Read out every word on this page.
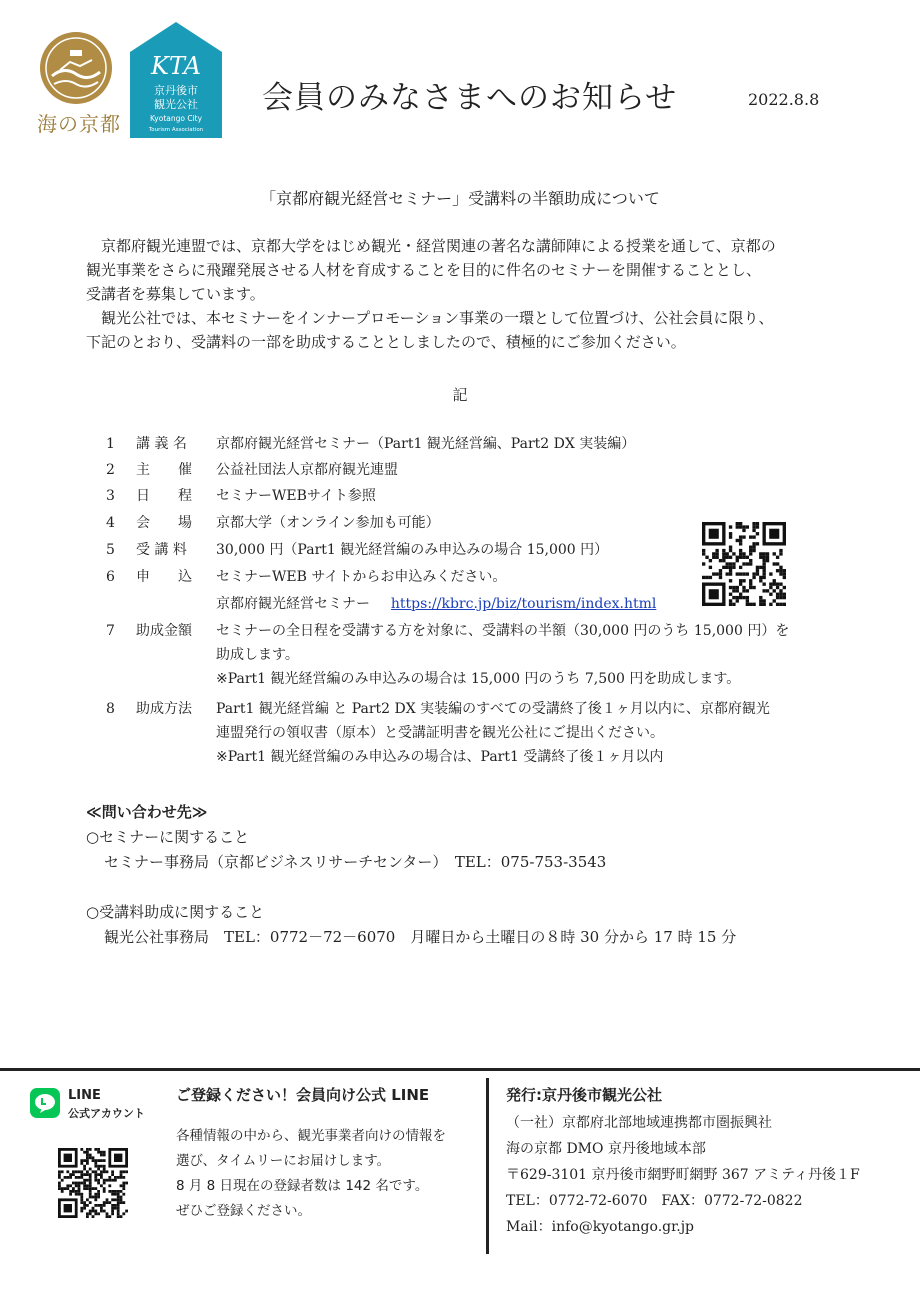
海の京都
KTA
京丹後市
観光公社
Kyotango City
Tourism Association
会員のみなさまへのお知らせ	2022.8.8
「京都府観光経営セミナー」受講料の半額助成について
京都府観光連盟では、京都大学をはじめ観光・経営関連の著名な講師陣による授業を通して、京都の
観光事業をさらに飛躍発展させる人材を育成することを目的に件名のセミナーを開催することとし、
受講者を募集しています。
観光公社では、本セミナーをインナープロモーション事業の一環として位置づけ、公社会員に限り、
下記のとおり、受講料の一部を助成することとしましたので、積極的にご参加ください。
記
1	講 義 名	京都府観光経営セミナー（Part1 観光経営編、Part2 DX 実装編）
2	主　　催	公益社団法人京都府観光連盟
3	日　　程	セミナーWEBサイト参照
4	会　　場	京都大学（オンライン参加も可能）
5	受 講 料	30,000 円（Part1 観光経営編のみ申込みの場合 15,000 円）
6	申　　込	セミナーWEB サイトからお申込みください。
京都府観光経営セミナー https://kbrc.jp/biz/tourism/index.html
7	助成金額	セミナーの全日程を受講する方を対象に、受講料の半額（30,000 円のうち 15,000 円）を
助成します。
※Part1 観光経営編のみ申込みの場合は 15,000 円のうち 7,500 円を助成します。
8	助成方法	Part1 観光経営編 と Part2 DX 実装編のすべての受講終了後１ヶ月以内に、京都府観光
連盟発行の領収書（原本）と受講証明書を観光公社にご提出ください。
※Part1 観光経営編のみ申込みの場合は、Part1 受講終了後１ヶ月以内
≪問い合わせ先≫
○セミナーに関すること
セミナー事務局（京都ビジネスリサーチセンター）　TEL：075-753-3543
○受講料助成に関すること
観光公社事務局　TEL：0772－72－6070　月曜日から土曜日の８時 30 分から 17 時 15 分
LINE
公式アカウント
ご登録ください！会員向け公式 LINE
各種情報の中から、観光事業者向けの情報を
選び、タイムリーにお届けします。
8 月 8 日現在の登録者数は 142 名です。
ぜひご登録ください。
発行:京丹後市観光公社
（一社）京都府北部地域連携都市圏振興社
海の京都 DMO 京丹後地域本部
〒629-3101 京丹後市網野町網野 367 アミティ丹後１F
TEL：0772-72-6070　FAX：0772-72-0822
Mail：info@kyotango.gr.jp
